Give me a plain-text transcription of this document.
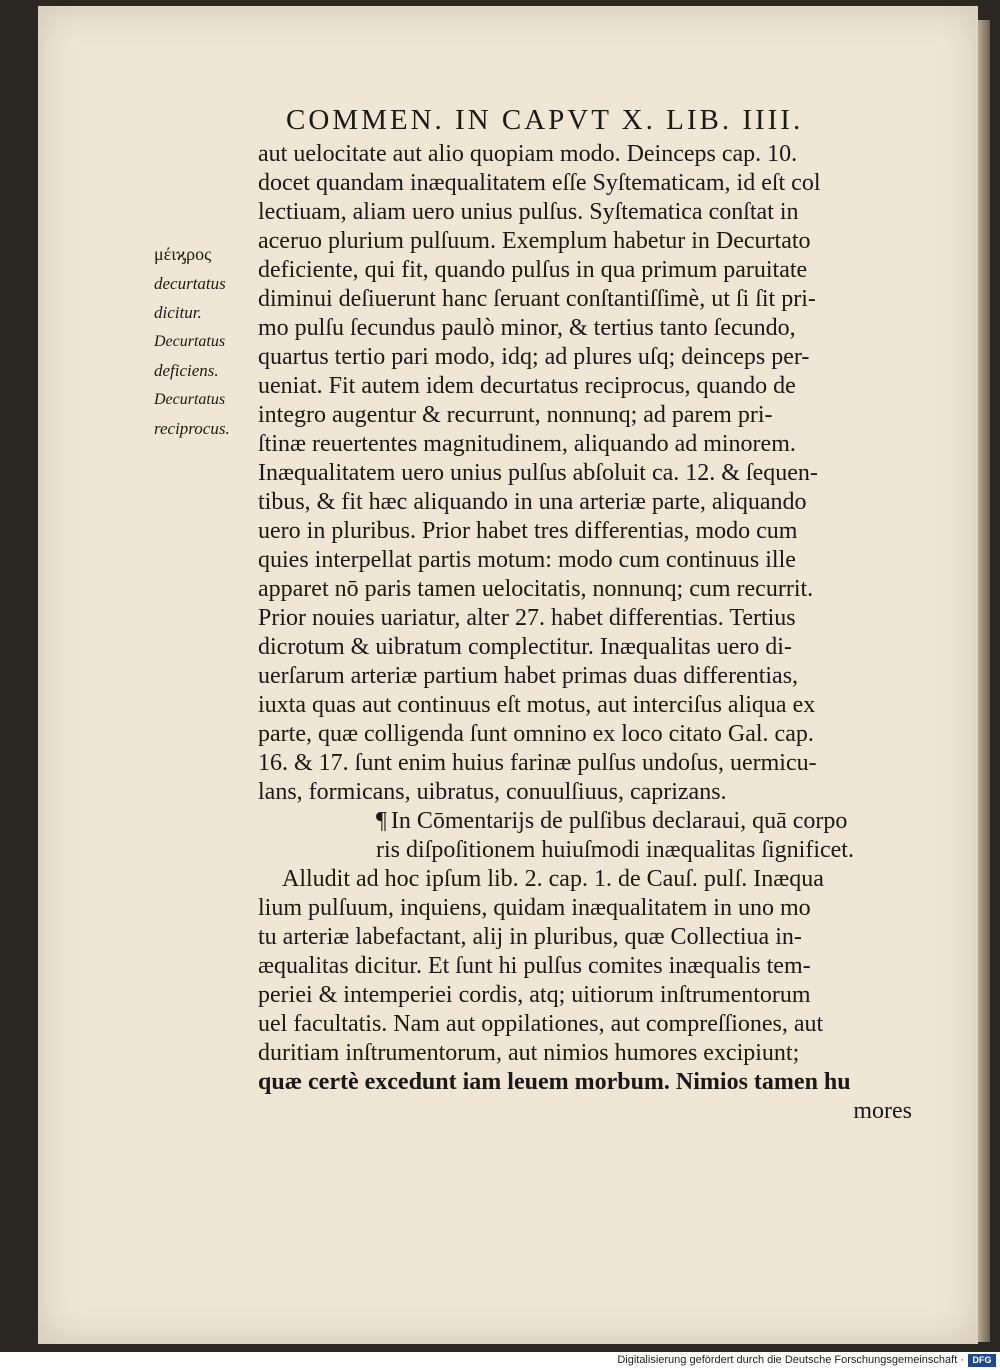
COMMEN. IN CAPVT X. LIB. IIII.
μέιϗρος
decurtatus
dicitur.
Decurtatus
deficiens.
Decurtatus
reciprocus.
aut uelocitate aut alio quopiam modo. Deinceps cap. 10.
docet quandam inæqualitatem eſſe Syſtematicam, id eſt col
lectiuam, aliam uero unius pulſus. Syſtematica conſtat in
aceruo plurium pulſuum. Exemplum habetur in Decurtato
deficiente, qui fit, quando pulſus in qua primum paruitate
diminui deſiuerunt hanc ſeruant conſtantiſſimè, ut ſi ſit pri-
mo pulſu ſecundus paulò minor, & tertius tanto ſecundo,
quartus tertio pari modo, idq; ad plures uſq; deinceps per-
ueniat. Fit autem idem decurtatus reciprocus, quando de
integro augentur & recurrunt, nonnunq; ad parem pri-
ſtinæ reuertentes magnitudinem, aliquando ad minorem.
Inæqualitatem uero unius pulſus abſoluit ca. 12. & ſequen-
tibus, & fit hæc aliquando in una arteriæ parte, aliquando
uero in pluribus. Prior habet tres differentias, modo cum
quies interpellat partis motum: modo cum continuus ille
apparet nō paris tamen uelocitatis, nonnunq; cum recurrit.
Prior nouies uariatur, alter 27. habet differentias. Tertius
dicrotum & uibratum complectitur. Inæqualitas uero di-
uerſarum arteriæ partium habet primas duas differentias,
iuxta quas aut continuus eſt motus, aut interciſus aliqua ex
parte, quæ colligenda ſunt omnino ex loco citato Gal. cap.
16. & 17. ſunt enim huius farinæ pulſus undoſus, uermicu-
lans, formicans, uibratus, conuulſiuus, caprizans.
¶ In Cōmentarijs de pulſibus declaraui, quā corpo
ris diſpoſitionem huiuſmodi inæqualitas ſignificet.
Alludit ad hoc ipſum lib. 2. cap. 1. de Cauſ. pulſ. Inæqua
lium pulſuum, inquiens, quidam inæqualitatem in uno mo
tu arteriæ labefactant, alij in pluribus, quæ Collectiua in-
æqualitas dicitur. Et ſunt hi pulſus comites inæqualis tem-
periei & intemperiei cordis, atq; uitiorum inſtrumentorum
uel facultatis. Nam aut oppilationes, aut compreſſiones, aut
duritiam inſtrumentorum, aut nimios humores excipiunt;
quæ certè excedunt iam leuem morbum. Nimios tamen hu
mores
Digitalisierung gefördert durch die Deutsche Forschungsgemeinschaft · DFG
